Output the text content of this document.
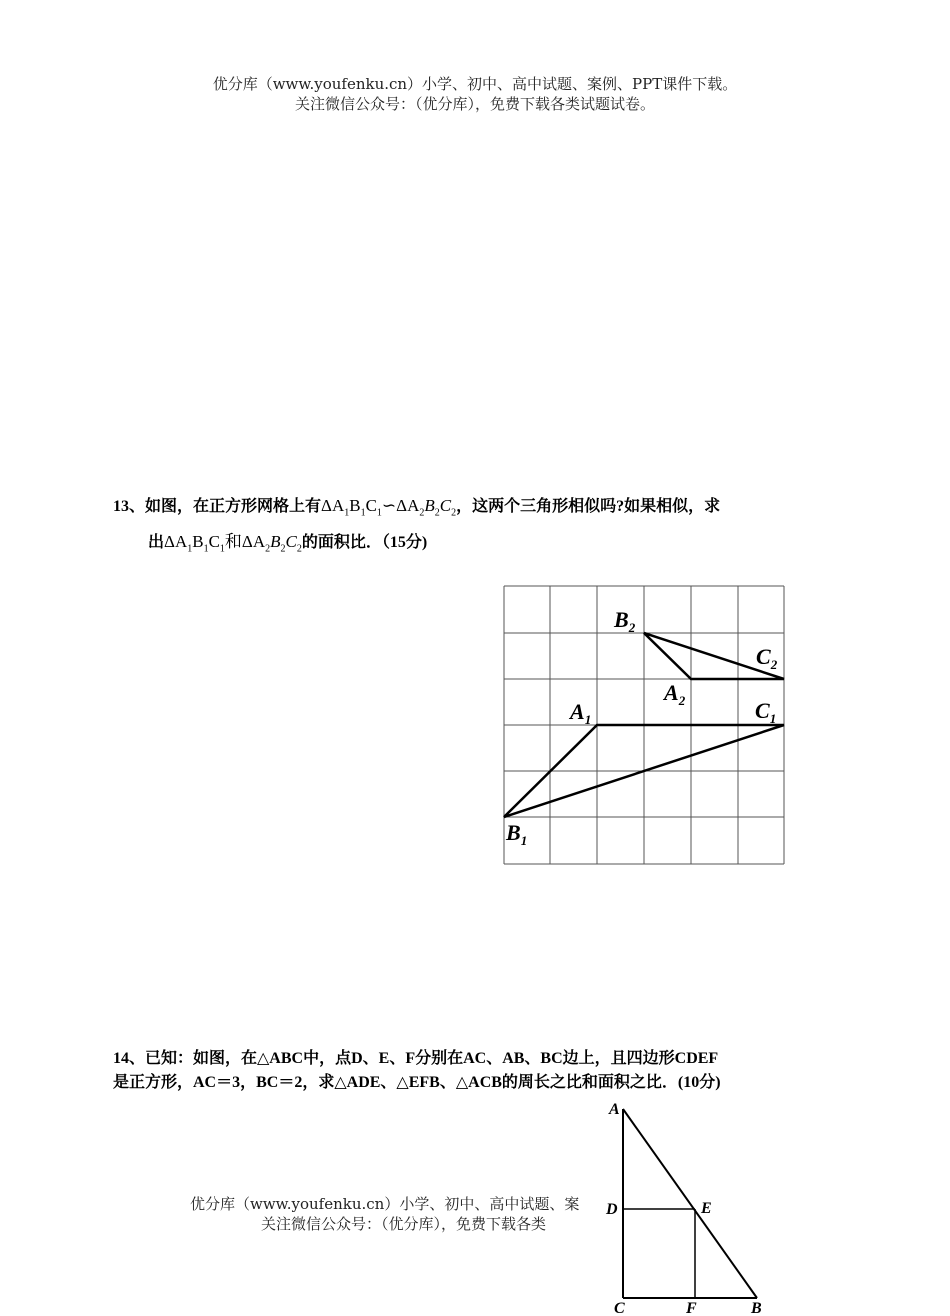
优分库（www.youfenku.cn）小学、初中、高中试题、案例、PPT课件下载。
关注微信公众号：（优分库），免费下载各类试题试卷。
13、如图，在正方形网格上有$\Delta A_1B_1C_1∽\Delta A_2B_2C_2$，这两个三角形相似吗?如果相似，求
出$\Delta A_1B_1C_1$和$\Delta A_2B_2C_2$的面积比．（15分)
$B_2$
$C_2$
$A_2$
$A_1$	$C_1$
$B_1$
14、已知：如图，在△ABC中，点D、E、F分别在AC、AB、BC边上，且四边形CDEF
是正方形，AC＝3，BC＝2，求△ADE、△EFB、△ACB的周长之比和面积之比．(10分)
A
D	E
C	F	B
优分库（www.youfenku.cn）小学、初中、高中试题、案
关注微信公众号：（优分库），免费下载各类
